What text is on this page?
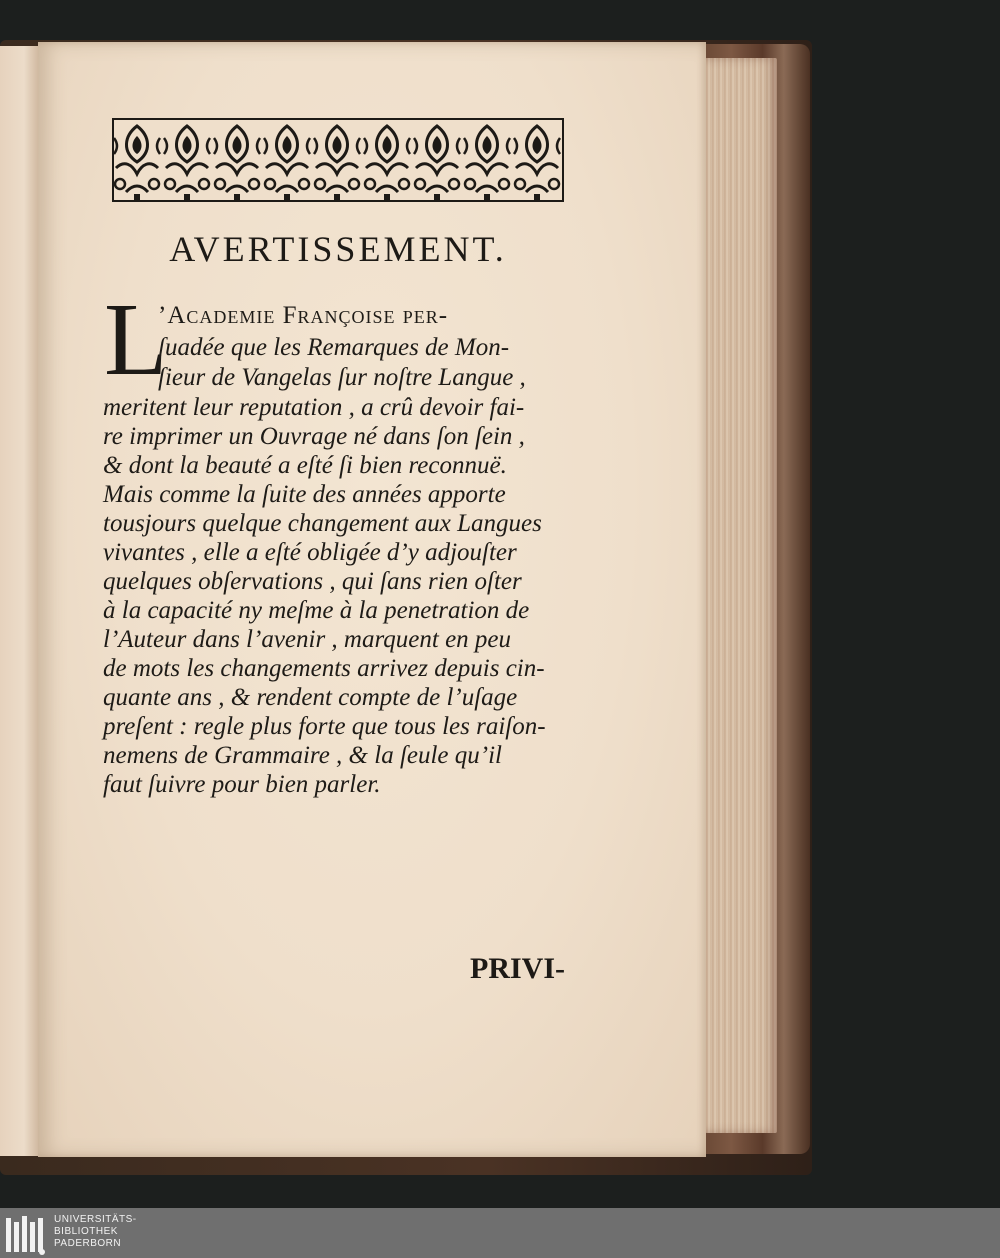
AVERTISSEMENT.
L
’Academie Françoise per-
ſuadée que les Remarques de Mon-
ſieur de Vangelas ſur noſtre Langue ,
meritent leur reputation , a crû devoir fai-
re imprimer un Ouvrage né dans ſon ſein ,
& dont la beauté a eſté ſi bien reconnuë.
Mais comme la ſuite des années apporte
tousjours quelque changement aux Langues
vivantes , elle a eſté obligée d’y adjouſter
quelques obſervations , qui ſans rien oſter
à la capacité ny meſme à la penetration de
l’Auteur dans l’avenir , marquent en peu
de mots les changements arrivez depuis cin-
quante ans , & rendent compte de l’uſage
preſent : regle plus forte que tous les raiſon-
nemens de Grammaire , & la ſeule qu’il
faut ſuivre pour bien parler.
PRIVI-
UNIVERSITÄTS-
BIBLIOTHEK
PADERBORN
